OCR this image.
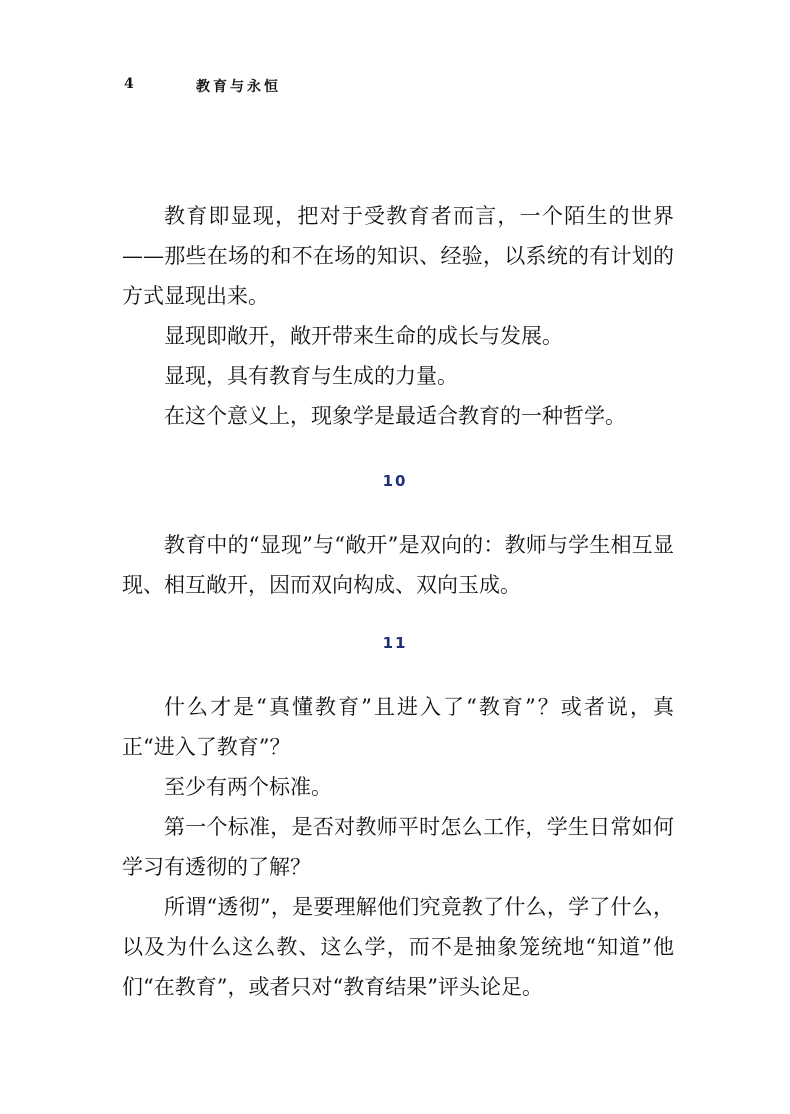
4	教育与永恒

教育即显现，把对于受教育者而言，一个陌生的世界——那些在场的和不在场的知识、经验，以系统的有计划的方式显现出来。

显现即敞开，敞开带来生命的成长与发展。

显现，具有教育与生成的力量。

在这个意义上，现象学是最适合教育的一种哲学。

10

教育中的“显现”与“敞开”是双向的：教师与学生相互显现、相互敞开，因而双向构成、双向玉成。

11

什么才是“真懂教育”且进入了“教育”？或者说，真正“进入了教育”？

至少有两个标准。

第一个标准，是否对教师平时怎么工作，学生日常如何学习有透彻的了解？

所谓“透彻”，是要理解他们究竟教了什么，学了什么，以及为什么这么教、这么学，而不是抽象笼统地“知道”他们“在教育”，或者只对“教育结果”评头论足。
